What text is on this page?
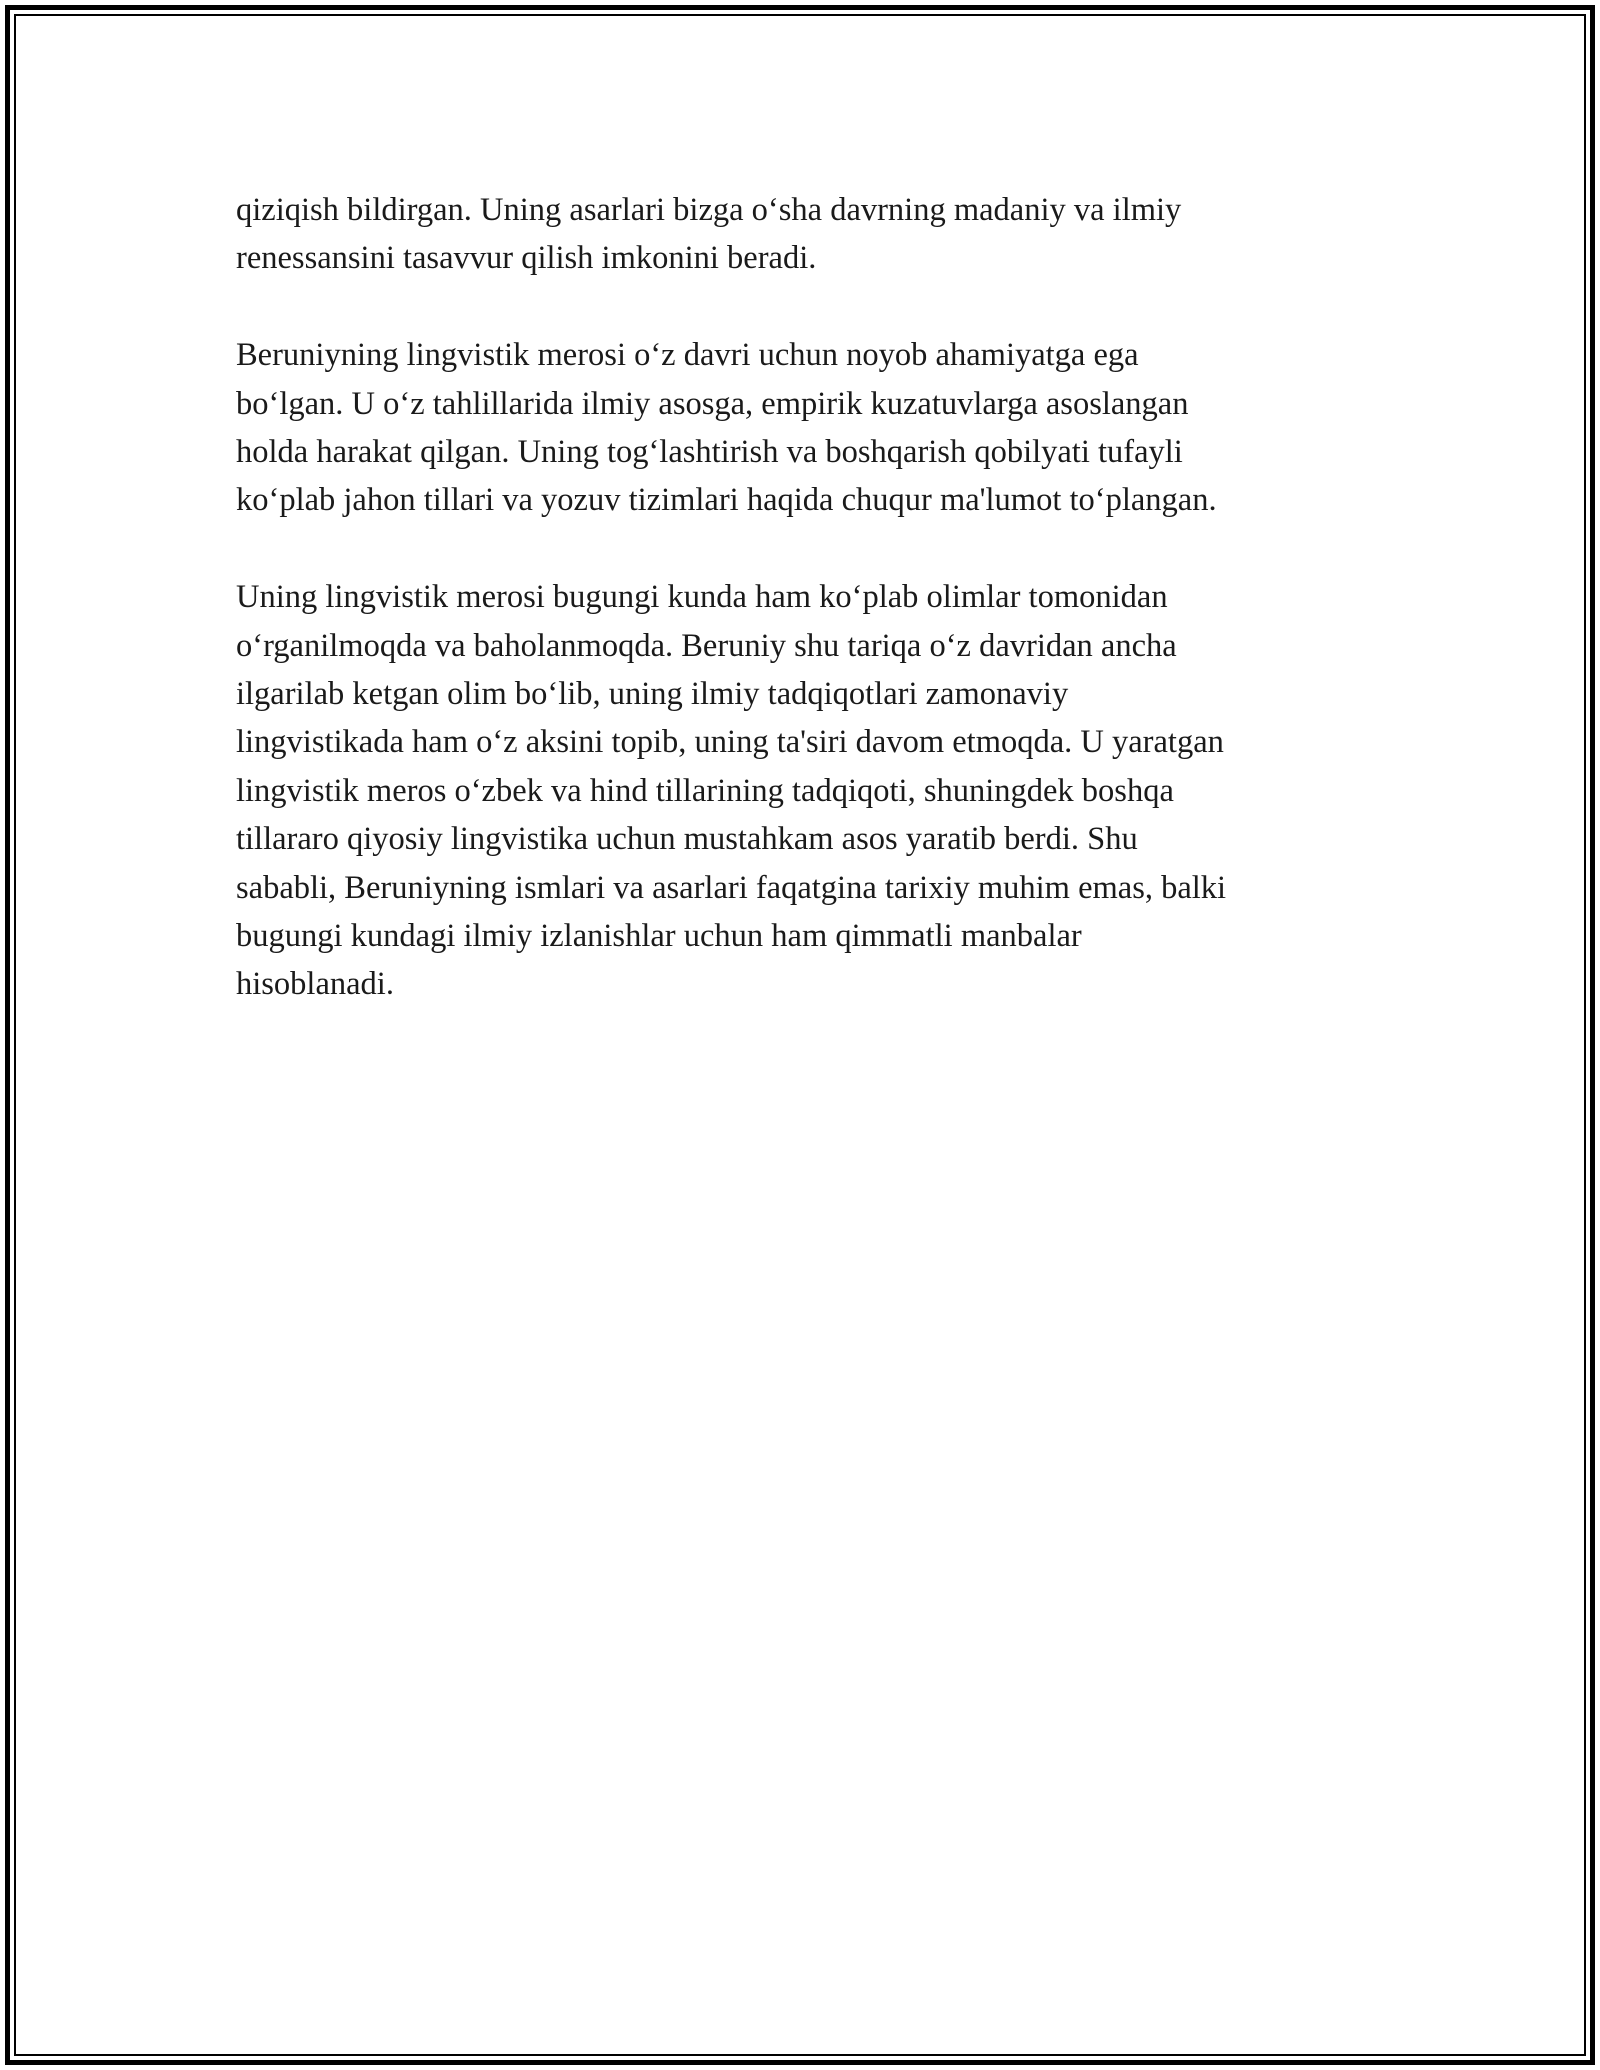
qiziqish bildirgan. Uning asarlari bizga o‘sha davrning madaniy va ilmiy
renessansini tasavvur qilish imkonini beradi.

Beruniyning lingvistik merosi o‘z davri uchun noyob ahamiyatga ega
bo‘lgan. U o‘z tahlillarida ilmiy asosga, empirik kuzatuvlarga asoslangan
holda harakat qilgan. Uning tog‘lashtirish va boshqarish qobilyati tufayli
ko‘plab jahon tillari va yozuv tizimlari haqida chuqur ma'lumot to‘plangan.

Uning lingvistik merosi bugungi kunda ham ko‘plab olimlar tomonidan
o‘rganilmoqda va baholanmoqda. Beruniy shu tariqa o‘z davridan ancha
ilgarilab ketgan olim bo‘lib, uning ilmiy tadqiqotlari zamonaviy
lingvistikada ham o‘z aksini topib, uning ta'siri davom etmoqda. U yaratgan
lingvistik meros o‘zbek va hind tillarining tadqiqoti, shuningdek boshqa
tillararo qiyosiy lingvistika uchun mustahkam asos yaratib berdi. Shu
sababli, Beruniyning ismlari va asarlari faqatgina tarixiy muhim emas, balki
bugungi kundagi ilmiy izlanishlar uchun ham qimmatli manbalar
hisoblanadi.
